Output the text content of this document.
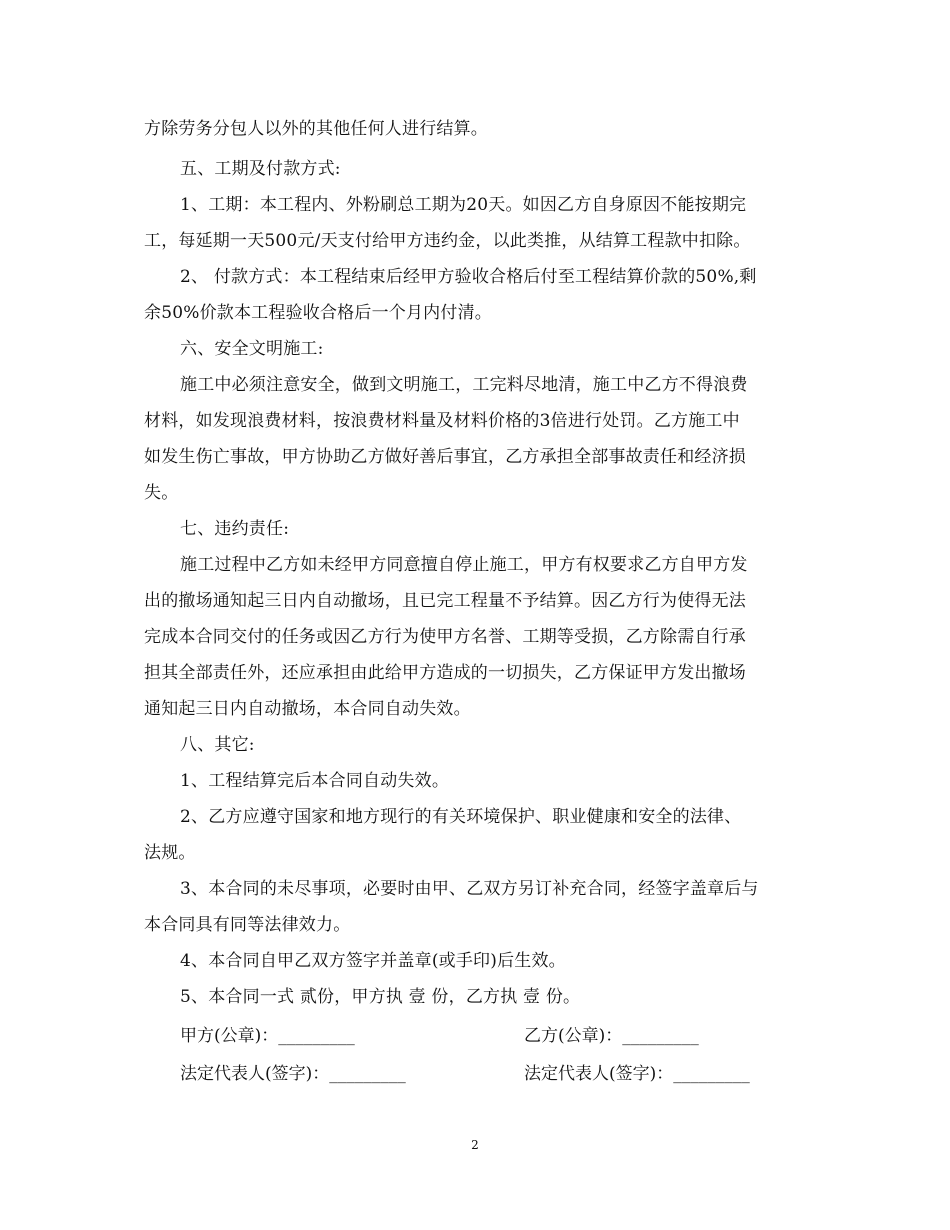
方除劳务分包人以外的其他任何人进行结算。
五、工期及付款方式:
1、工期：本工程内、外粉刷总工期为20天。如因乙方自身原因不能按期完
工，每延期一天500元/天支付给甲方违约金，以此类推，从结算工程款中扣除。
2、 付款方式：本工程结束后经甲方验收合格后付至工程结算价款的50%,剩
余50%价款本工程验收合格后一个月内付清。
六、安全文明施工:
施工中必须注意安全，做到文明施工，工完料尽地清，施工中乙方不得浪费
材料，如发现浪费材料，按浪费材料量及材料价格的3倍进行处罚。乙方施工中
如发生伤亡事故，甲方协助乙方做好善后事宜，乙方承担全部事故责任和经济损
失。
七、违约责任:
施工过程中乙方如未经甲方同意擅自停止施工，甲方有权要求乙方自甲方发
出的撤场通知起三日内自动撤场，且已完工程量不予结算。因乙方行为使得无法
完成本合同交付的任务或因乙方行为使甲方名誉、工期等受损，乙方除需自行承
担其全部责任外，还应承担由此给甲方造成的一切损失，乙方保证甲方发出撤场
通知起三日内自动撤场，本合同自动失效。
八、其它:
1、工程结算完后本合同自动失效。
2、乙方应遵守国家和地方现行的有关环境保护、职业健康和安全的法律、
法规。
3、本合同的未尽事项，必要时由甲、乙双方另订补充合同，经签字盖章后与
本合同具有同等法律效力。
4、本合同自甲乙双方签字并盖章(或手印)后生效。
5、本合同一式 贰份，甲方执 壹 份，乙方执 壹 份。
甲方(公章)：_________	乙方(公章)：_________
法定代表人(签字)：_________	法定代表人(签字)：_________
2
